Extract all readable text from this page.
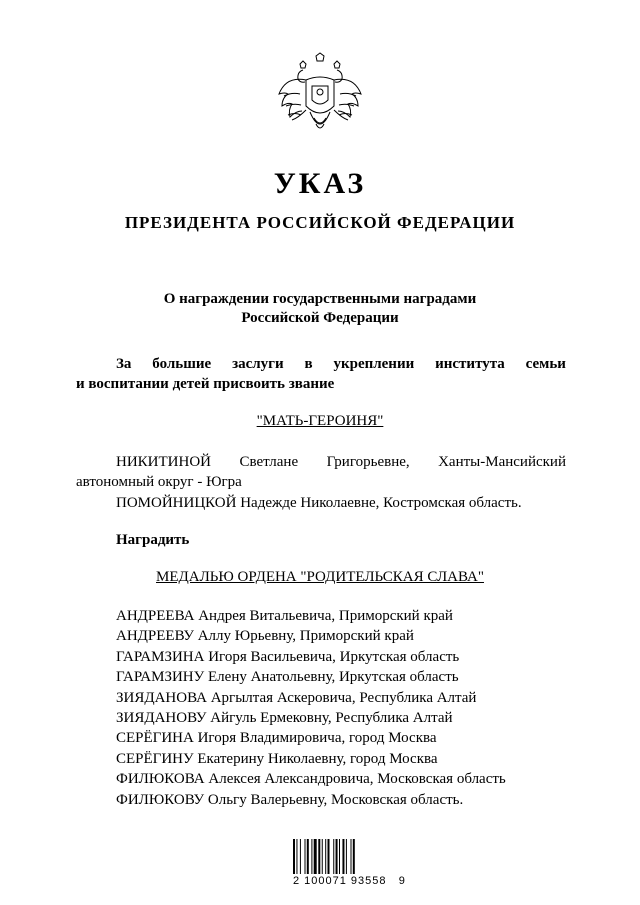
УКАЗ
ПРЕЗИДЕНТА РОССИЙСКОЙ ФЕДЕРАЦИИ
О награждении государственными наградами
Российской Федерации
За большие заслуги в укреплении института семьи
и воспитании детей присвоить звание
"МАТЬ-ГЕРОИНЯ"
НИКИТИНОЙ Светлане Григорьевне, Ханты-Мансийский
автономный округ - Югра
ПОМОЙНИЦКОЙ Надежде Николаевне, Костромская область.
Наградить
МЕДАЛЬЮ ОРДЕНА "РОДИТЕЛЬСКАЯ СЛАВА"
АНДРЕЕВА Андрея Витальевича, Приморский край
АНДРЕЕВУ Аллу Юрьевну, Приморский край
ГАРАМЗИНА Игоря Васильевича, Иркутская область
ГАРАМЗИНУ Елену Анатольевну, Иркутская область
ЗИЯДАНОВА Аргылтая Аскеровича, Республика Алтай
ЗИЯДАНОВУ Айгуль Ермековну, Республика Алтай
СЕРЁГИНА Игоря Владимировича, город Москва
СЕРЁГИНУ Екатерину Николаевну, город Москва
ФИЛЮКОВА Алексея Александровича, Московская область
ФИЛЮКОВУ Ольгу Валерьевну, Московская область.
2 100071 93558   9
